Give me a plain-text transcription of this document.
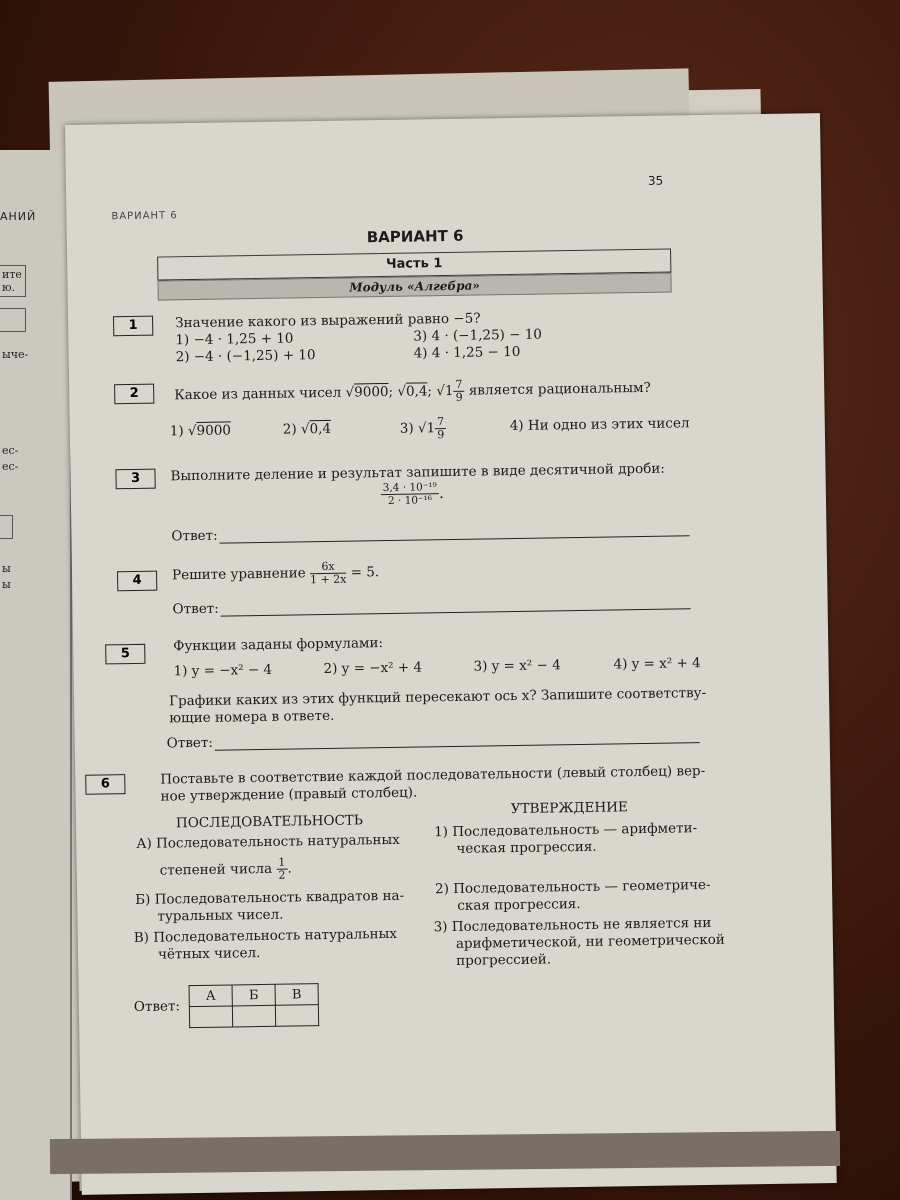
АНИЙ
ите
ю.
ыче-
ес-
ес-
ы
ы
ВАРИАНТ 6
35
ВАРИАНТ 6
Часть 1
Модуль «Алгебра»
1	Значение какого из выражений равно −5?
1) −4 · 1,25 + 10
2) −4 · (−1,25) + 10
3) 4 · (−1,25) − 10
4) 4 · 1,25 − 10
2	Какое из данных чисел √9000; √0,4; $√1 \frac{7}{9}$ является рациональным?
1) √9000	2) √0,4	3) $√1 \frac{7}{9}$	4) Ни одно из этих чисел
3	Выполните деление и результат запишите в виде десятичной дроби:
$\frac{\text{3,4 · 10⁻¹⁹}}{\text{2 · 10⁻¹⁶}}$ .
Ответ:
4	Решите уравнение $\frac{6x}{1 + 2x} = 5$.
Ответ:
5	Функции заданы формулами:
1) y = −x² − 4	2) y = −x² + 4	3) y = x² − 4	4) y = x² + 4
Графики каких из этих функций пересекают ось x? Запишите соответству-
ющие номера в ответе.
Ответ:
6	Поставьте в соответствие каждой последовательности (левый столбец) вер-
ное утверждение (правый столбец).
ПОСЛЕДОВАТЕЛЬНОСТЬ
УТВЕРЖДЕНИЕ
А) Последовательность натуральных
степеней числа $\frac{1}{2}$ .
Б) Последовательность квадратов на-
туральных чисел.
В) Последовательность натуральных
чётных чисел.
1) Последовательность — арифмети-
ческая прогрессия.
2) Последовательность — геометриче-
ская прогрессия.
3) Последовательность не является ни
арифметической, ни геометрической
прогрессией.
Ответ:
А	Б	В
